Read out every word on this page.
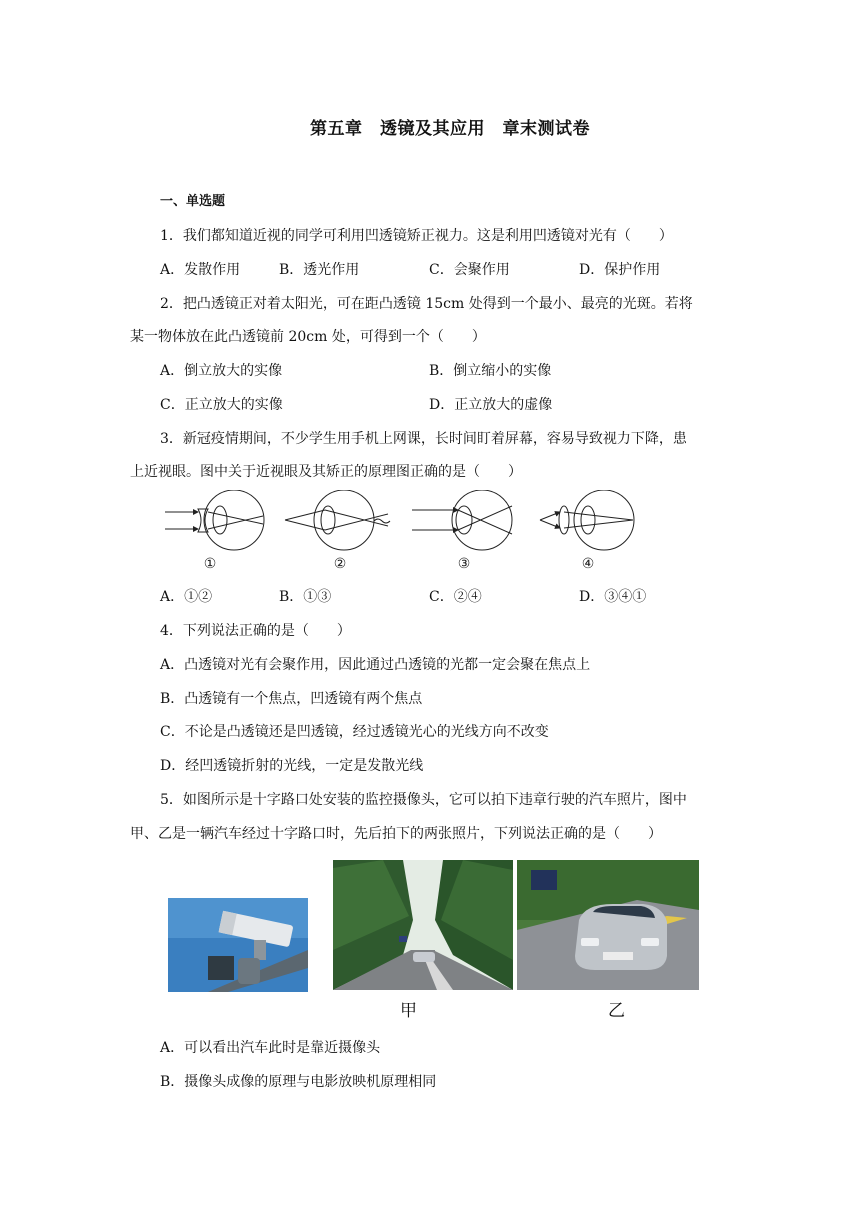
第五章　透镜及其应用　章末测试卷
一、单选题
1．我们都知道近视的同学可利用凹透镜矫正视力。这是利用凹透镜对光有（　　）
A．发散作用	B．透光作用	C．会聚作用	D．保护作用
2．把凸透镜正对着太阳光，可在距凸透镜 15cm 处得到一个最小、最亮的光斑。若将
某一物体放在此凸透镜前 20cm 处，可得到一个（　　）
A．倒立放大的实像	B．倒立缩小的实像
C．正立放大的实像	D．正立放大的虚像
3．新冠疫情期间，不少学生用手机上网课，长时间盯着屏幕，容易导致视力下降，患
上近视眼。图中关于近视眼及其矫正的原理图正确的是（　　）
①	②	③	④
A．①②	B．①③	C．②④	D．③④①
4．下列说法正确的是（　　）
A．凸透镜对光有会聚作用，因此通过凸透镜的光都一定会聚在焦点上
B．凸透镜有一个焦点，凹透镜有两个焦点
C．不论是凸透镜还是凹透镜，经过透镜光心的光线方向不改变
D．经凹透镜折射的光线，一定是发散光线
5．如图所示是十字路口处安装的监控摄像头，它可以拍下违章行驶的汽车照片，图中
甲、乙是一辆汽车经过十字路口时，先后拍下的两张照片，下列说法正确的是（　　）
甲	乙
A．可以看出汽车此时是靠近摄像头
B．摄像头成像的原理与电影放映机原理相同
